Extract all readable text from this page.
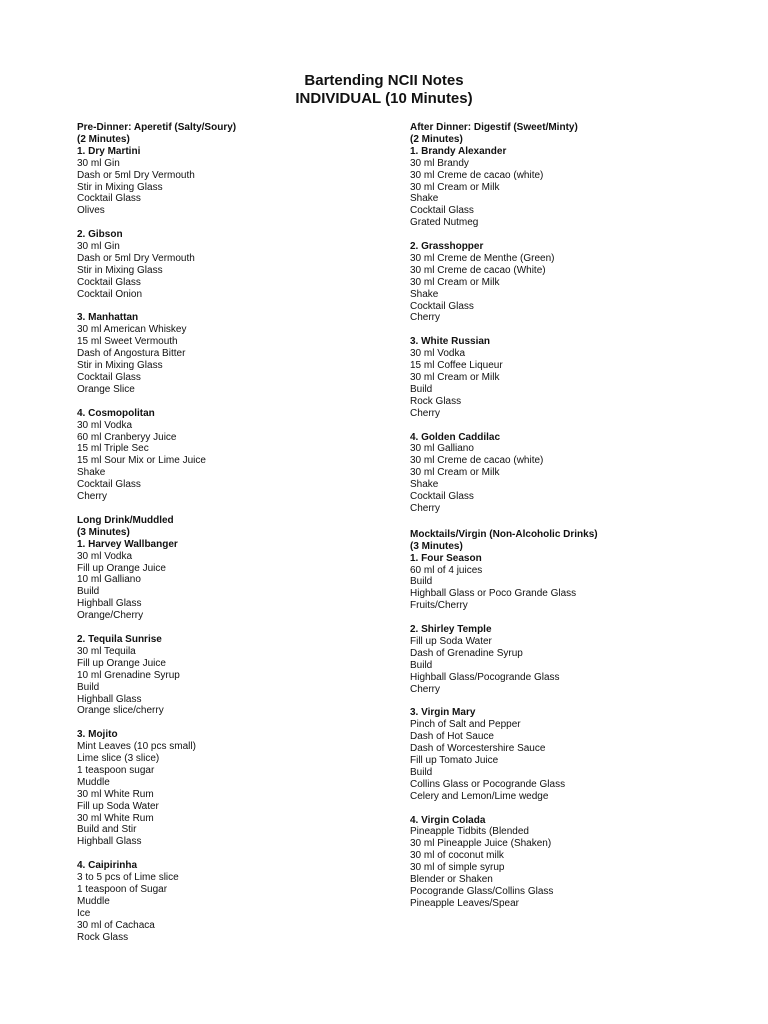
Bartending NCII Notes
INDIVIDUAL (10 Minutes)
Pre-Dinner: Aperetif (Salty/Soury)
(2 Minutes)
1. Dry Martini
30 ml Gin
Dash or 5ml Dry Vermouth
Stir in Mixing Glass
Cocktail Glass
Olives
2. Gibson
30 ml Gin
Dash or 5ml Dry Vermouth
Stir in Mixing Glass
Cocktail Glass
Cocktail Onion
3. Manhattan
30 ml American Whiskey
15 ml Sweet Vermouth
Dash of Angostura Bitter
Stir in Mixing Glass
Cocktail Glass
Orange Slice
4. Cosmopolitan
30 ml Vodka
60 ml Cranberyy Juice
15 ml Triple Sec
15 ml Sour Mix or Lime Juice
Shake
Cocktail Glass
Cherry
Long Drink/Muddled
(3 Minutes)
1. Harvey Wallbanger
30 ml Vodka
Fill up Orange Juice
10 ml Galliano
Build
Highball Glass
Orange/Cherry
2. Tequila Sunrise
30 ml Tequila
Fill up Orange Juice
10 ml Grenadine Syrup
Build
Highball Glass
Orange slice/cherry
3. Mojito
Mint Leaves (10 pcs small)
Lime slice (3 slice)
1 teaspoon sugar
Muddle
30 ml White Rum
Fill up Soda Water
30 ml White Rum
Build and Stir
Highball Glass
4. Caipirinha
3 to 5 pcs of Lime slice
1 teaspoon of Sugar
Muddle
Ice
30 ml of Cachaca
Rock Glass
After Dinner: Digestif (Sweet/Minty)
(2 Minutes)
1. Brandy Alexander
30 ml Brandy
30 ml Creme de cacao (white)
30 ml Cream or Milk
Shake
Cocktail Glass
Grated Nutmeg
2. Grasshopper
30 ml Creme de Menthe (Green)
30 ml Creme de cacao (White)
30 ml Cream or Milk
Shake
Cocktail Glass
Cherry
3. White Russian
30 ml Vodka
15 ml Coffee Liqueur
30 ml Cream or Milk
Build
Rock Glass
Cherry
4. Golden Caddilac
30 ml Galliano
30 ml Creme de cacao (white)
30 ml Cream or Milk
Shake
Cocktail Glass
Cherry
Mocktails/Virgin (Non-Alcoholic Drinks)
(3 Minutes)
1. Four Season
60 ml of 4 juices
Build
Highball Glass or Poco Grande Glass
Fruits/Cherry
2. Shirley Temple
Fill up Soda Water
Dash of Grenadine Syrup
Build
Highball Glass/Pocogrande Glass
Cherry
3. Virgin Mary
Pinch of Salt and Pepper
Dash of Hot Sauce
Dash of Worcestershire Sauce
Fill up Tomato Juice
Build
Collins Glass or Pocogrande Glass
Celery and Lemon/Lime wedge
4. Virgin Colada
Pineapple Tidbits (Blended
30 ml Pineapple Juice (Shaken)
30 ml of coconut milk
30 ml of simple syrup
Blender or Shaken
Pocogrande Glass/Collins Glass
Pineapple Leaves/Spear
